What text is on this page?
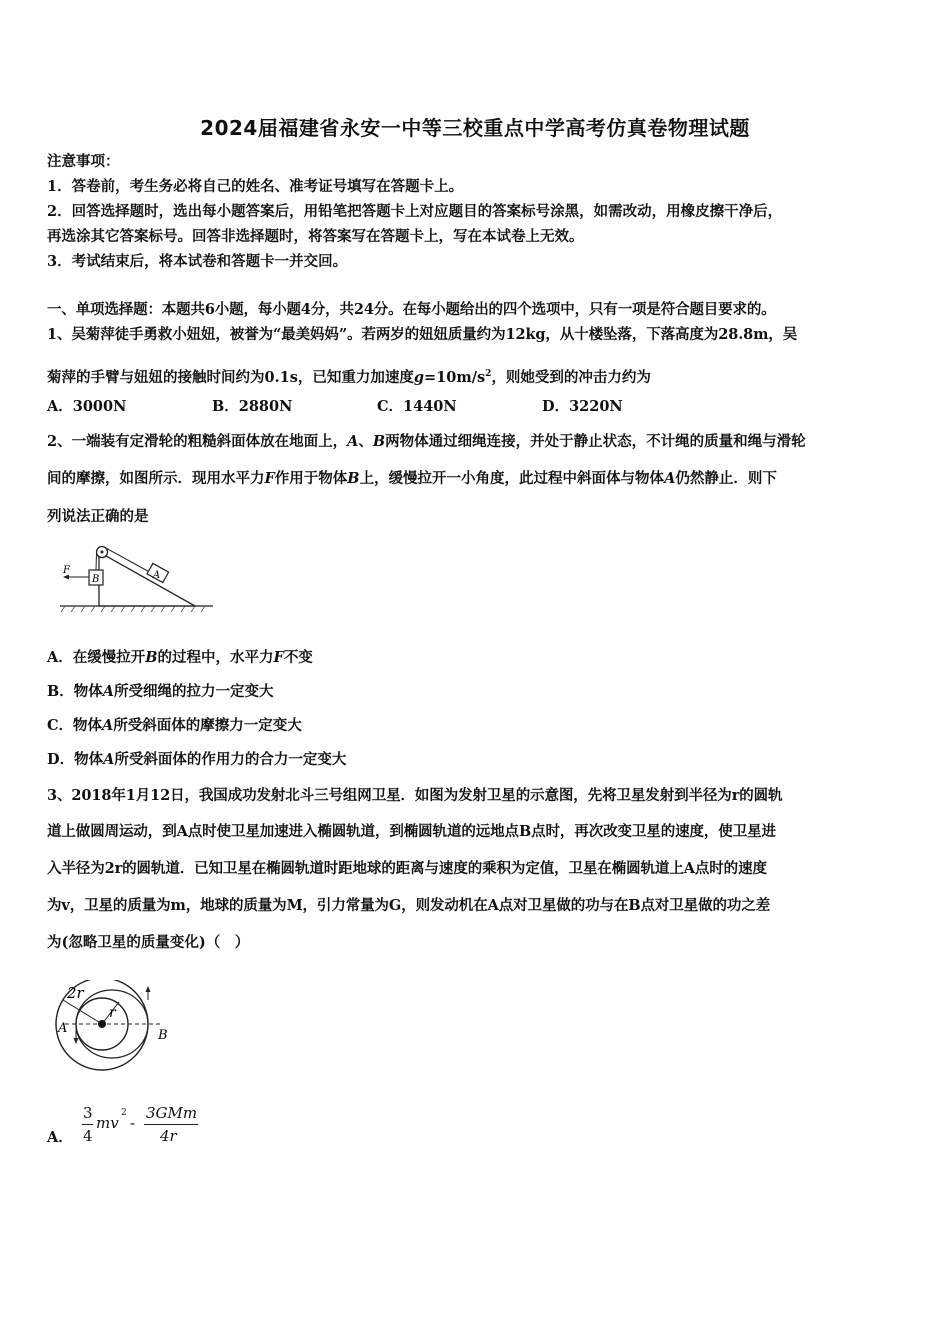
2024届福建省永安一中等三校重点中学高考仿真卷物理试题
注意事项：
1．答卷前，考生务必将自己的姓名、准考证号填写在答题卡上。
2．回答选择题时，选出每小题答案后，用铅笔把答题卡上对应题目的答案标号涂黑，如需改动，用橡皮擦干净后，
再选涂其它答案标号。回答非选择题时，将答案写在答题卡上，写在本试卷上无效。
3．考试结束后，将本试卷和答题卡一并交回。
一、单项选择题：本题共6小题，每小题4分，共24分。在每小题给出的四个选项中，只有一项是符合题目要求的。
1、吴菊萍徒手勇救小妞妞，被誉为“最美妈妈”。若两岁的妞妞质量约为12kg，从十楼坠落，下落高度为28.8m，吴
菊萍的手臂与妞妞的接触时间约为0.1s，已知重力加速度$g=10m/s^2$，则她受到的冲击力约为
A．3000N	B．2880N	C．1440N	D．3220N
2、一端装有定滑轮的粗糙斜面体放在地面上，A、B两物体通过细绳连接，并处于静止状态，不计绳的质量和绳与滑轮
间的摩擦，如图所示．现用水平力F作用于物体B上，缓慢拉开一小角度，此过程中斜面体与物体A仍然静止．则下
列说法正确的是
A
B
F
A．在缓慢拉开B的过程中，水平力F不变
B．物体A所受细绳的拉力一定变大
C．物体A所受斜面体的摩擦力一定变大
D．物体A所受斜面体的作用力的合力一定变大
3、2018年1月12日，我国成功发射北斗三号组网卫星．如图为发射卫星的示意图，先将卫星发射到半径为r的圆轨
道上做圆周运动，到A点时使卫星加速进入椭圆轨道，到椭圆轨道的远地点B点时，再次改变卫星的速度，使卫星进
入半径为2r的圆轨道．已知卫星在椭圆轨道时距地球的距离与速度的乘积为定值，卫星在椭圆轨道上A点时的速度
为v，卫星的质量为m，地球的质量为M，引力常量为G，则发动机在A点对卫星做的功与在B点对卫星做的功之差
为(忽略卫星的质量变化)（　）
2r
r
A	B
A．
3
4
mv
2
-
3GMm
4r
